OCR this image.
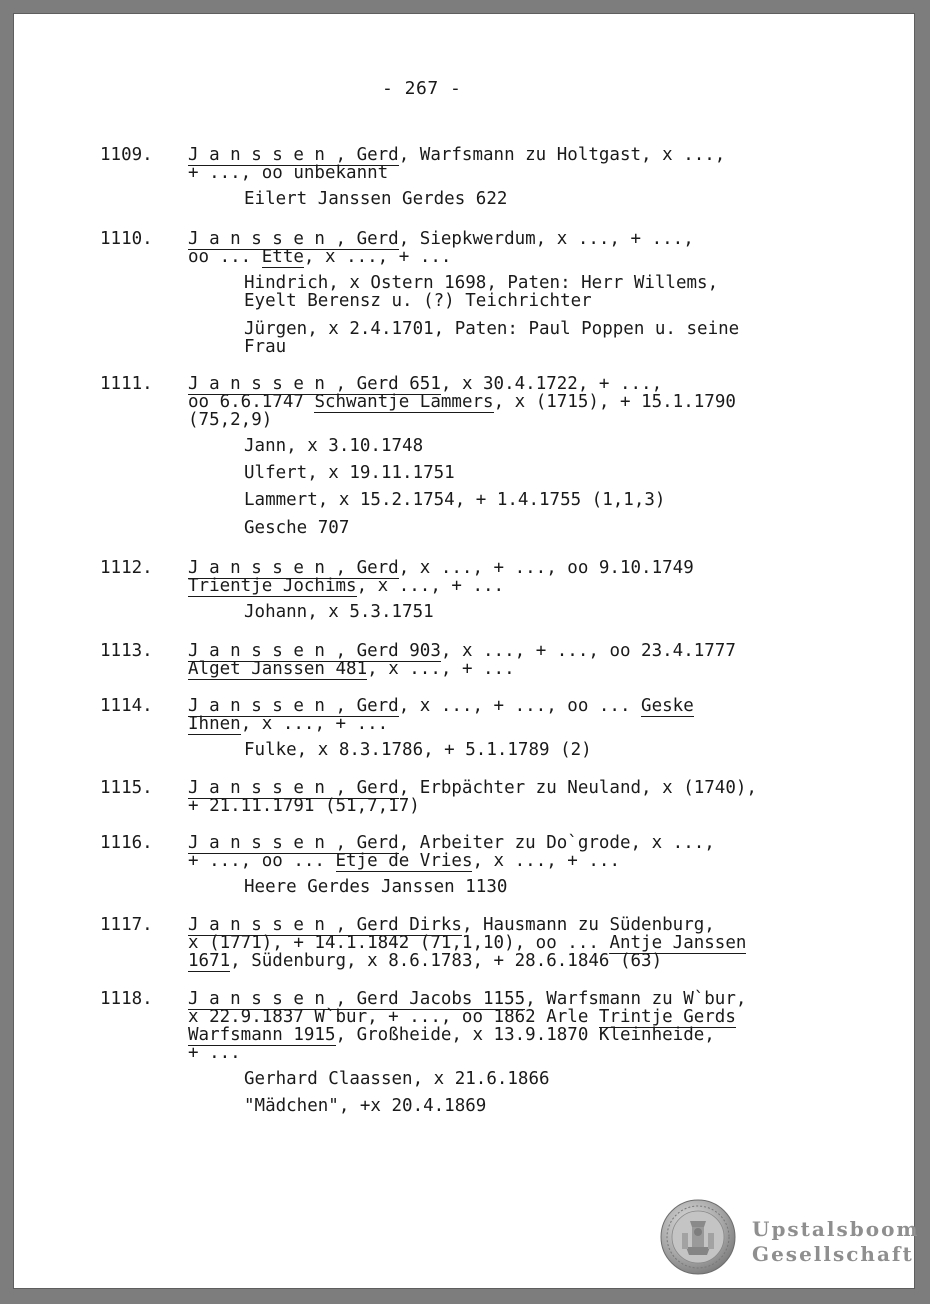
- 267 -
1109. J a n s s e n , Gerd, Warfsmann zu Holtgast, x ...,
+ ..., oo unbekannt
Eilert Janssen Gerdes 622
1110. J a n s s e n , Gerd, Siepkwerdum, x ..., + ...,
oo ... Ette, x ..., + ...
Hindrich, x Ostern 1698, Paten: Herr Willems,
Eyelt Berensz u. (?) Teichrichter
Jürgen, x 2.4.1701, Paten: Paul Poppen u. seine
Frau
1111. J a n s s e n , Gerd 651, x 30.4.1722, + ...,
oo 6.6.1747 Schwantje Lammers, x (1715), + 15.1.1790
(75,2,9)
Jann, x 3.10.1748
Ulfert, x 19.11.1751
Lammert, x 15.2.1754, + 1.4.1755 (1,1,3)
Gesche 707
1112. J a n s s e n , Gerd, x ..., + ..., oo 9.10.1749
Trientje Jochims, x ..., + ...
Johann, x 5.3.1751
1113. J a n s s e n , Gerd 903, x ..., + ..., oo 23.4.1777
Alget Janssen 481, x ..., + ...
1114. J a n s s e n , Gerd, x ..., + ..., oo ... Geske
Ihnen, x ..., + ...
Fulke, x 8.3.1786, + 5.1.1789 (2)
1115. J a n s s e n , Gerd, Erbpächter zu Neuland, x (1740),
+ 21.11.1791 (51,7,17)
1116. J a n s s e n , Gerd, Arbeiter zu Do`grode, x ...,
+ ..., oo ... Etje de Vries, x ..., + ...
Heere Gerdes Janssen 1130
1117. J a n s s e n , Gerd Dirks, Hausmann zu Südenburg,
x (1771), + 14.1.1842 (71,1,10), oo ... Antje Janssen
1671, Südenburg, x 8.6.1783, + 28.6.1846 (63)
1118. J a n s s e n , Gerd Jacobs 1155, Warfsmann zu W`bur,
x 22.9.1837 W`bur, + ..., oo 1862 Arle Trintje Gerds
Warfsmann 1915, Großheide, x 13.9.1870 Kleinheide,
+ ...
Gerhard Claassen, x 21.6.1866
"Mädchen", +x 20.4.1869
Upstalsboom
Gesellschaft
